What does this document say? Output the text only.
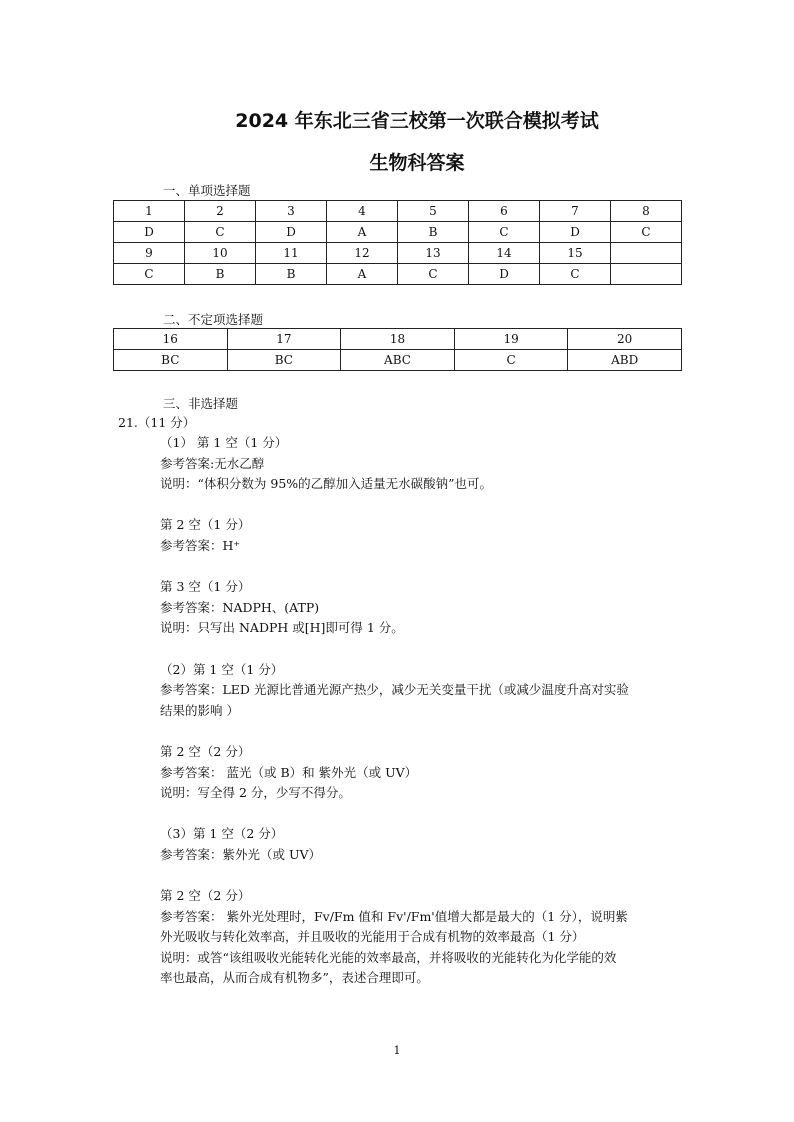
2024 年东北三省三校第一次联合模拟考试
生物科答案

一、单项选择题

1	2	3	4	5	6	7	8
D	C	D	A	B	C	D	C
9	10	11	12	13	14	15	
C	B	B	A	C	D	C	

二、不定项选择题

16	17	18	19	20
BC	BC	ABC	C	ABD

三、非选择题

21.（11 分）

（1） 第 1 空（1 分）

参考答案:无水乙醇

说明：“体积分数为 95%的乙醇加入适量无水碳酸钠”也可。

第 2 空（1 分）

参考答案：H⁺

第 3 空（1 分）

参考答案：NADPH、(ATP)

说明：只写出 NADPH 或[H]即可得 1 分。

（2）第 1 空（1 分）

参考答案：LED 光源比普通光源产热少，减少无关变量干扰（或减少温度升高对实验

结果的影响 ）

第 2 空（2 分）

参考答案： 蓝光（或 B）和 紫外光（或 UV）

说明：写全得 2 分，少写不得分。

（3）第 1 空（2 分）

参考答案：紫外光（或 UV）

第 2 空（2 分）

参考答案： 紫外光处理时，Fv/Fm 值和 Fv'/Fm'值增大都是最大的（1 分），说明紫

外光吸收与转化效率高，并且吸收的光能用于合成有机物的效率最高（1 分）

说明：或答“该组吸收光能转化光能的效率最高，并将吸收的光能转化为化学能的效

率也最高，从而合成有机物多”，表述合理即可。

1
